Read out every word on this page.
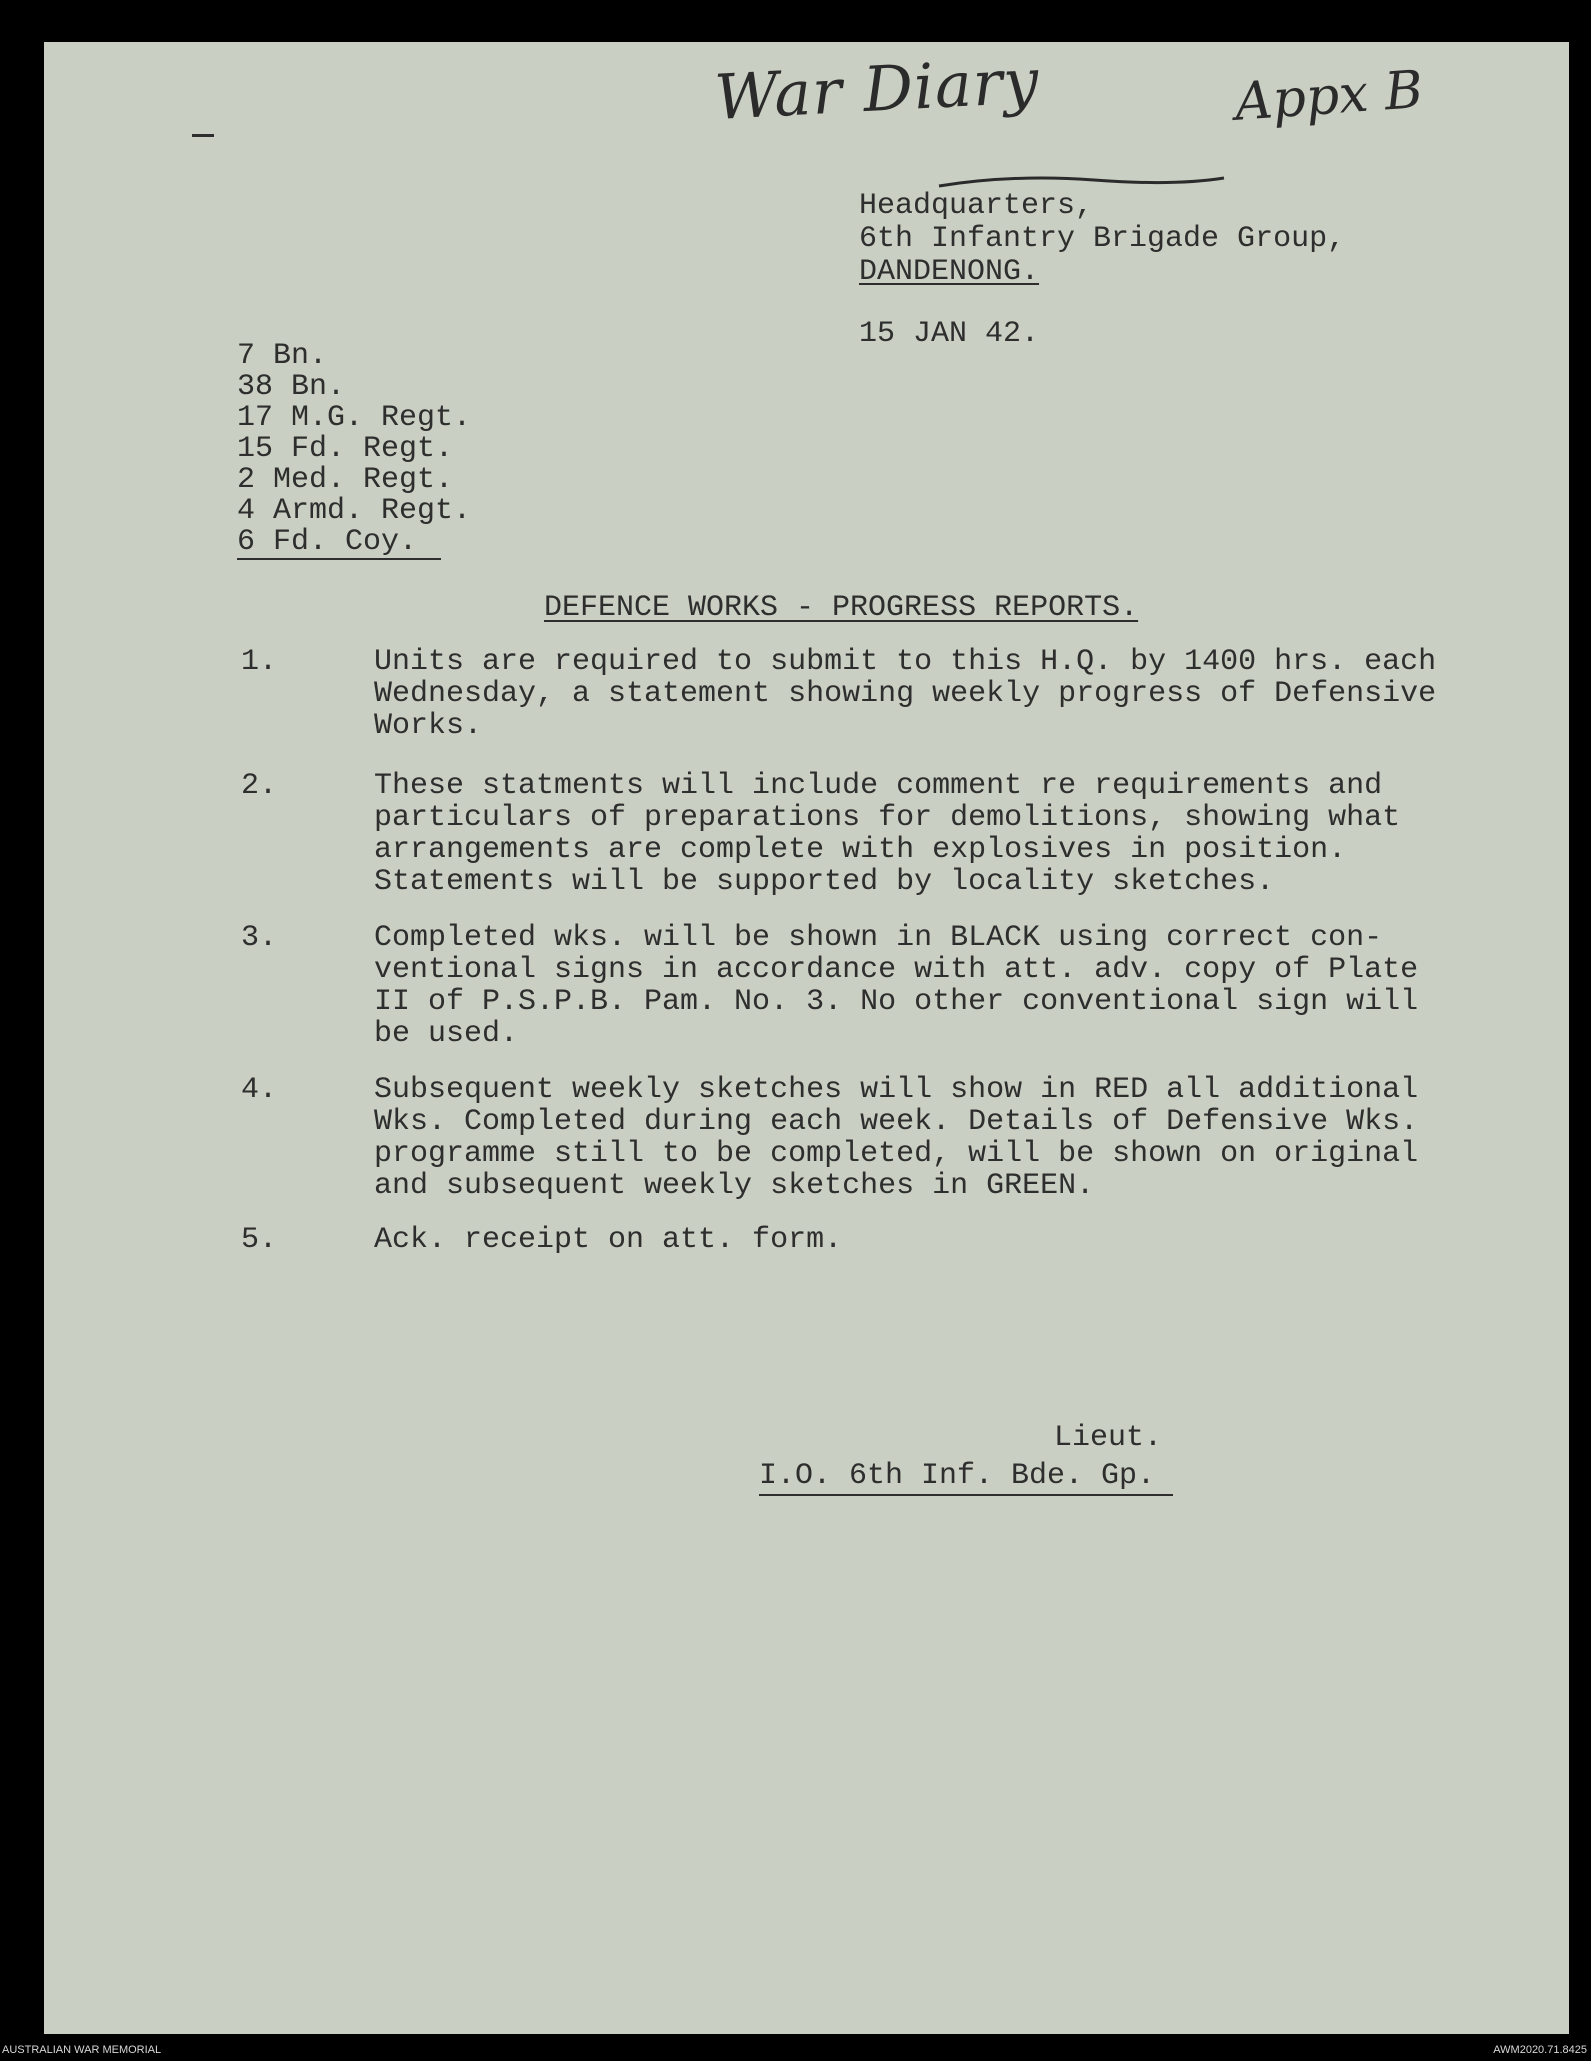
War Diary	Appx B
Headquarters,
6th Infantry Brigade Group,
DANDENONG.
15 JAN 42.
7 Bn.
38 Bn.
17 M.G. Regt.
15 Fd. Regt.
2 Med. Regt.
4 Armd. Regt.
6 Fd. Coy.
DEFENCE WORKS - PROGRESS REPORTS.
1.	Units are required to submit to this H.Q. by 1400 hrs. each
Wednesday, a statement showing weekly progress of Defensive
Works.
2.	These statments will include comment re requirements and
particulars of preparations for demolitions, showing what
arrangements are complete with explosives in position.
Statements will be supported by locality sketches.
3.	Completed wks. will be shown in BLACK using correct con-
ventional signs in accordance with att. adv. copy of Plate
II of P.S.P.B. Pam. No. 3. No other conventional sign will
be used.
4.	Subsequent weekly sketches will show in RED all additional
Wks. Completed during each week. Details of Defensive Wks.
programme still to be completed, will be shown on original
and subsequent weekly sketches in GREEN.
5.	Ack. receipt on att. form.
Lieut.
I.O. 6th Inf. Bde. Gp.
AUSTRALIAN WAR MEMORIAL	AWM2020.71.8425
